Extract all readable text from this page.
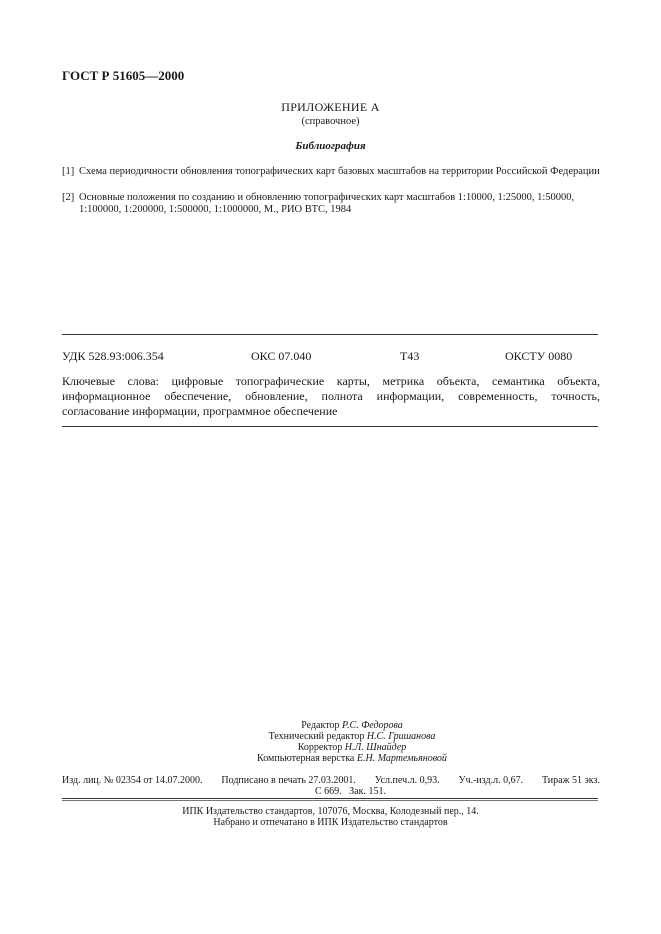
ГОСТ Р 51605—2000
ПРИЛОЖЕНИЕ А
(справочное)
Библиография
[1] Схема периодичности обновления топографических карт базовых масштабов на территории Российской Федерации
[2] Основные положения по созданию и обновлению топографических карт масштабов 1:10000, 1:25000, 1:50000, 1:100000, 1:200000, 1:500000, 1:1000000, М., РИО ВТС, 1984
УДК 528.93:006.354	ОКС 07.040	Т43	ОКСТУ 0080
Ключевые слова: цифровые топографические карты, метрика объекта, семантика объекта, информационное обеспечение, обновление, полнота информации, современность, точность, согласование информации, программное обеспечение
Редактор Р.С. Федорова
Технический редактор Н.С. Гришанова
Корректор Н.Л. Шнайдер
Компьютерная верстка Е.Н. Мартемьяновой
Изд. лиц. № 02354 от 14.07.2000. Подписано в печать 27.03.2001. Усл.печ.л. 0,93. Уч.-изд.л. 0,67. Тираж 51 экз.
С 669. Зак. 151.
ИПК Издательство стандартов, 107076, Москва, Колодезный пер., 14.
Набрано и отпечатано в ИПК Издательство стандартов
